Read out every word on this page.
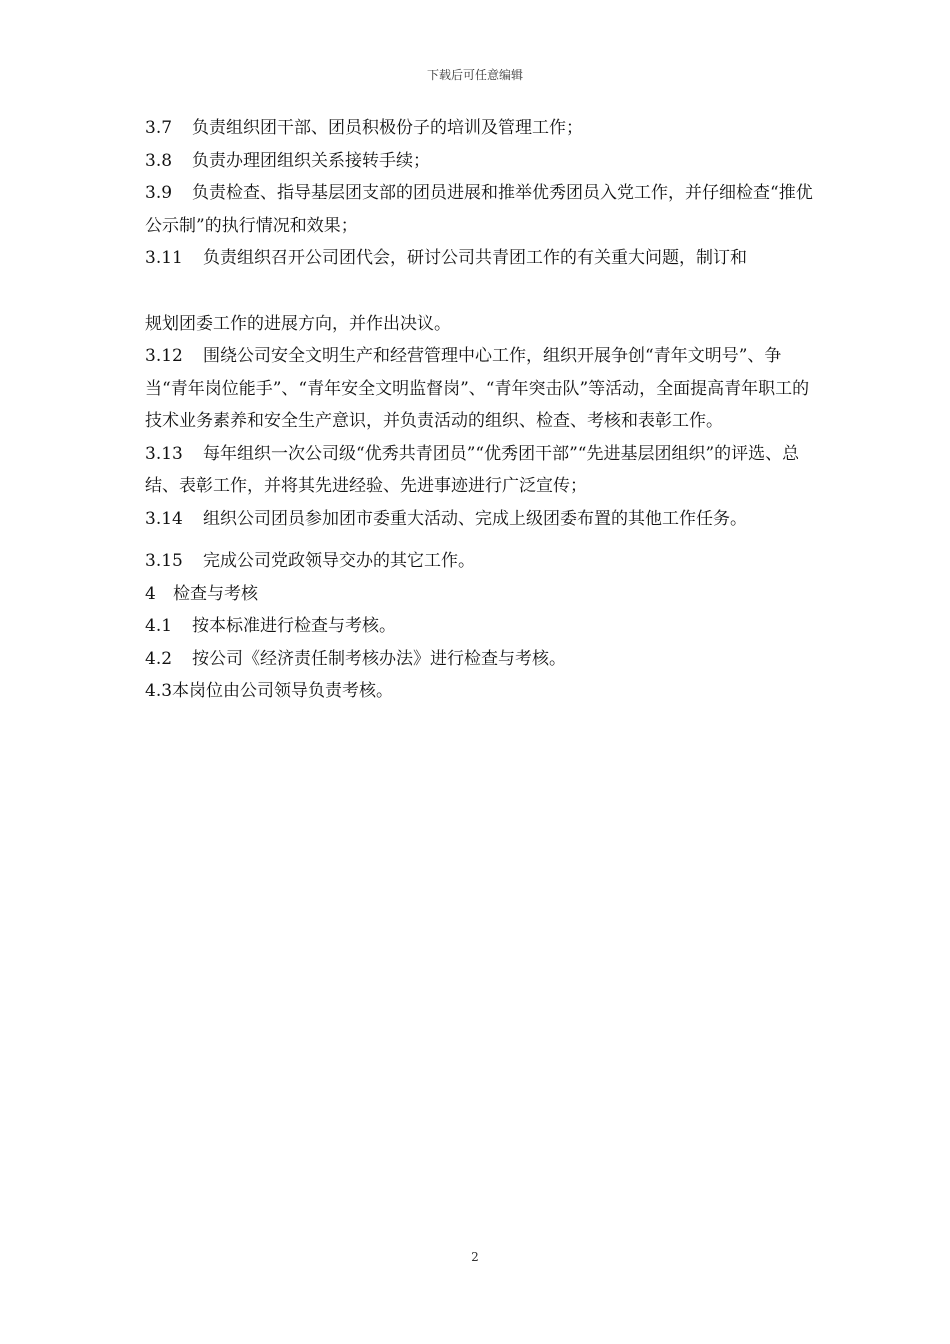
下载后可任意编辑

3.7 负责组织团干部、团员积极份子的培训及管理工作；

3.8 负责办理团组织关系接转手续；

3.9 负责检查、指导基层团支部的团员进展和推举优秀团员入党工作，并仔细检查“推优公示制”的执行情况和效果；

3.11 负责组织召开公司团代会，研讨公司共青团工作的有关重大问题，制订和

规划团委工作的进展方向，并作出决议。

3.12 围绕公司安全文明生产和经营管理中心工作，组织开展争创“青年文明号”、争当“青年岗位能手”、“青年安全文明监督岗”、“青年突击队”等活动，全面提高青年职工的技术业务素养和安全生产意识，并负责活动的组织、检查、考核和表彰工作。

3.13 每年组织一次公司级“优秀共青团员”“优秀团干部”“先进基层团组织”的评选、总结、表彰工作，并将其先进经验、先进事迹进行广泛宣传；

3.14 组织公司团员参加团市委重大活动、完成上级团委布置的其他工作任务。

3.15 完成公司党政领导交办的其它工作。

4 检查与考核

4.1 按本标准进行检查与考核。

4.2 按公司《经济责任制考核办法》进行检查与考核。

4.3本岗位由公司领导负责考核。

2
